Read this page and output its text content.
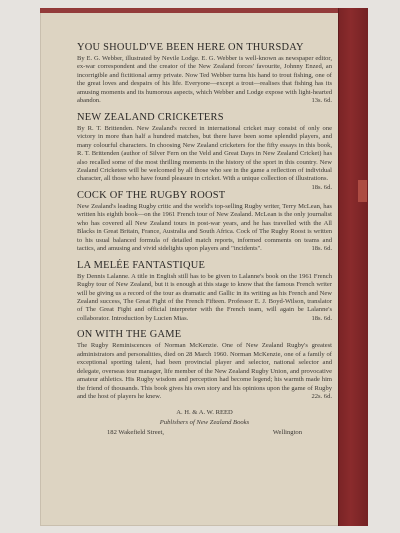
YOU SHOULD'VE BEEN HERE ON THURSDAY
By E. G. Webber, illustrated by Nevile Lodge. E. G. Webber is well-known as newspaper editor, ex-war correspondent and the creator of the New Zealand forces' favourite, Johnny Enzed, an incorrigible and fictitional army private. Now Ted Webber turns his hand to trout fishing, one of the great loves and despairs of his life. Everyone—except a trout—realises that fishing has its amusing moments and its humorous aspects, which Webber and Lodge expose with light-hearted abandon.	13s. 6d.
NEW ZEALAND CRICKETERS
By R. T. Brittenden. New Zealand's record in international cricket may consist of only one victory in more than half a hundred matches, but there have been some splendid players, and many colourful characters. In choosing New Zealand cricketers for the fifty essays in this book, R. T. Brittenden (author of Silver Fern on the Veld and Great Days in New Zealand Cricket) has also recalled some of the most thrilling moments in the history of the sport in this country. New Zealand Cricketers will be welcomed by all those who see in the game a reflection of individual character, all those who have found pleasure in cricket. With a unique collection of illustrations.
18s. 6d.
COCK OF THE RUGBY ROOST
New Zealand's leading Rugby critic and the world's top-selling Rugby writer, Terry McLean, has written his eighth book—on the 1961 French tour of New Zealand. McLean is the only journalist who has covered all New Zealand tours in post-war years, and he has travelled with the All Blacks in Great Britain, France, Australia and South Africa. Cock of The Rugby Roost is written to his usual balanced formula of detailed match reports, informed comments on teams and tactics, and amusing and vivid sidelights upon players and "incidents".	18s. 6d.
LA MELÉE FANTASTIQUE
By Dennis Lalanne. A title in English still has to be given to Lalanne's book on the 1961 French Rugby tour of New Zealand, but it is enough at this stage to know that the famous French writer will be giving us a record of the tour as dramatic and Gallic in its writing as his French and New Zealand success, The Great Fight of the French Fifteen. Professor E. J. Boyd-Wilson, translator of The Great Fight and official interpreter with the French team, will again be Lalanne's collaborator. Introduction by Lucien Mias.	18s. 6d.
ON WITH THE GAME
The Rugby Reminiscences of Norman McKenzie. One of New Zealand Rugby's greatest administrators and personalities, died on 28 March 1960. Norman McKenzie, one of a family of exceptional sporting talent, had been provincial player and selector, national selector and delegate, overseas tour manager, life member of the New Zealand Rugby Union, and provocative amateur athletics. His Rugby wisdom and perception had become legend; his warmth made him the friend of thousands. This book gives his own story and his opinions upon the game of Rugby and the host of players he knew.	22s. 6d.
A. H. & A. W. REED
Publishers of New Zealand Books
182 Wakefield Street,	Wellington
